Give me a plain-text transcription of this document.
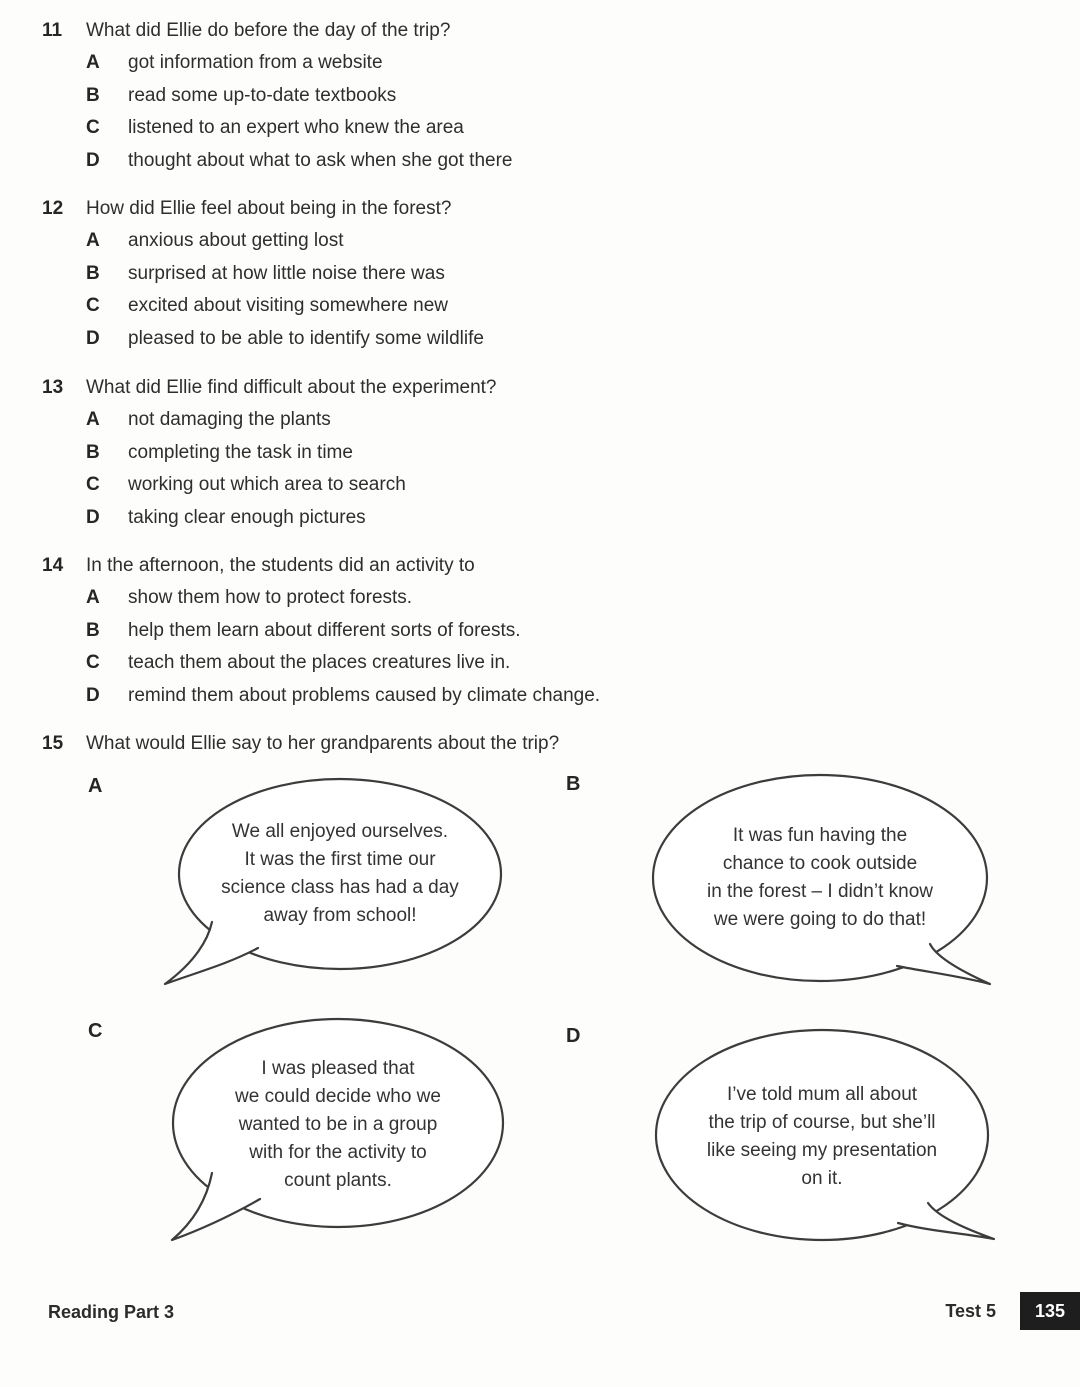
11	What did Ellie do before the day of the trip?
A	got information from a website
B	read some up-to-date textbooks
C	listened to an expert who knew the area
D	thought about what to ask when she got there
12	How did Ellie feel about being in the forest?
A	anxious about getting lost
B	surprised at how little noise there was
C	excited about visiting somewhere new
D	pleased to be able to identify some wildlife
13	What did Ellie find difficult about the experiment?
A	not damaging the plants
B	completing the task in time
C	working out which area to search
D	taking clear enough pictures
14	In the afternoon, the students did an activity to
A	show them how to protect forests.
B	help them learn about different sorts of forests.
C	teach them about the places creatures live in.
D	remind them about problems caused by climate change.
15	What would Ellie say to her grandparents about the trip?
A	B
C	D
We all enjoyed ourselves.
It was the first time our
science class has had a day
away from school!
It was fun having the
chance to cook outside
in the forest – I didn’t know
we were going to do that!
I was pleased that
we could decide who we
wanted to be in a group
with for the activity to
count plants.
I’ve told mum all about
the trip of course, but she’ll
like seeing my presentation
on it.
Reading Part 3	Test 5	135
